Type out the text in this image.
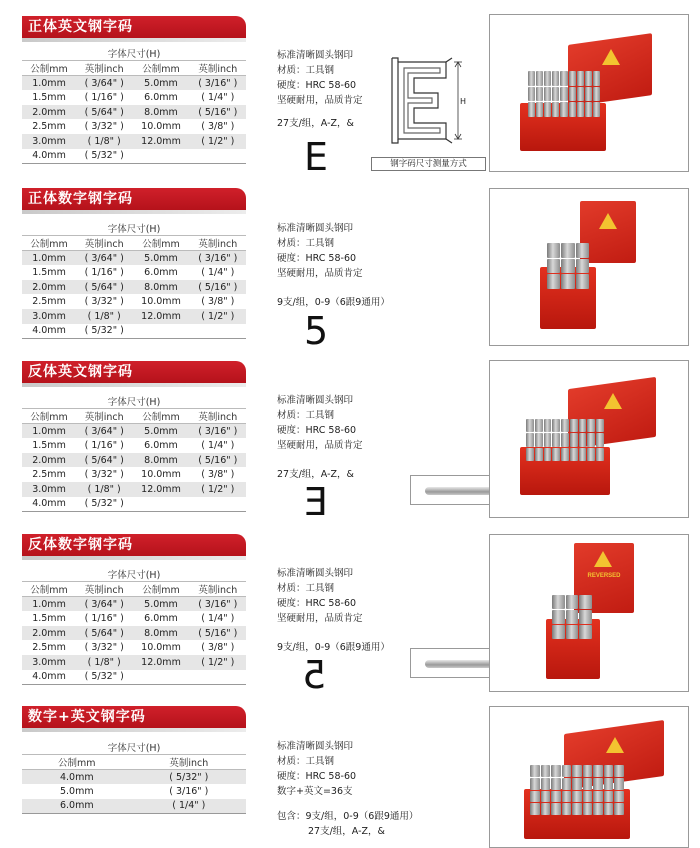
正体英文钢字码
字体尺寸(H)			
公制mm	英制inch	公制mm	英制inch
1.0mm	( 3/64" )	5.0mm	( 3/16" )
1.5mm	( 1/16" )	6.0mm	( 1/4" )
2.0mm	( 5/64" )	8.0mm	( 5/16" )
2.5mm	( 3/32" )	10.0mm	( 3/8" )
3.0mm	( 1/8" )	12.0mm	( 1/2" )
4.0mm	( 5/32" )		
标准清晰圆头钢印
材质：工具钢
硬度：HRC 58-60
坚硬耐用，品质肯定
27支/组，A-Z，&
E
H
钢字码尺寸测量方式
正体数字钢字码
字体尺寸(H)			
公制mm	英制inch	公制mm	英制inch
1.0mm	( 3/64" )	5.0mm	( 3/16" )
1.5mm	( 1/16" )	6.0mm	( 1/4" )
2.0mm	( 5/64" )	8.0mm	( 5/16" )
2.5mm	( 3/32" )	10.0mm	( 3/8" )
3.0mm	( 1/8" )	12.0mm	( 1/2" )
4.0mm	( 5/32" )		
标准清晰圆头钢印
材质：工具钢
硬度：HRC 58-60
坚硬耐用，品质肯定
9支/组，0-9（6跟9通用）
5
反体英文钢字码
字体尺寸(H)			
公制mm	英制inch	公制mm	英制inch
1.0mm	( 3/64" )	5.0mm	( 3/16" )
1.5mm	( 1/16" )	6.0mm	( 1/4" )
2.0mm	( 5/64" )	8.0mm	( 5/16" )
2.5mm	( 3/32" )	10.0mm	( 3/8" )
3.0mm	( 1/8" )	12.0mm	( 1/2" )
4.0mm	( 5/32" )		
标准清晰圆头钢印
材质：工具钢
硬度：HRC 58-60
坚硬耐用，品质肯定
27支/组，A-Z，&
E
反体数字钢字码
字体尺寸(H)			
公制mm	英制inch	公制mm	英制inch
1.0mm	( 3/64" )	5.0mm	( 3/16" )
1.5mm	( 1/16" )	6.0mm	( 1/4" )
2.0mm	( 5/64" )	8.0mm	( 5/16" )
2.5mm	( 3/32" )	10.0mm	( 3/8" )
3.0mm	( 1/8" )	12.0mm	( 1/2" )
4.0mm	( 5/32" )		
标准清晰圆头钢印
材质：工具钢
硬度：HRC 58-60
坚硬耐用，品质肯定
9支/组，0-9（6跟9通用）
5
REVERSED
数字+英文钢字码
字体尺寸(H)	
公制mm	英制inch
4.0mm	( 5/32" )
5.0mm	( 3/16" )
6.0mm	( 1/4" )
标准清晰圆头钢印
材质：工具钢
硬度：HRC 58-60
数字+英文=36支
包含：9支/组，0-9（6跟9通用）
27支/组，A-Z，&
